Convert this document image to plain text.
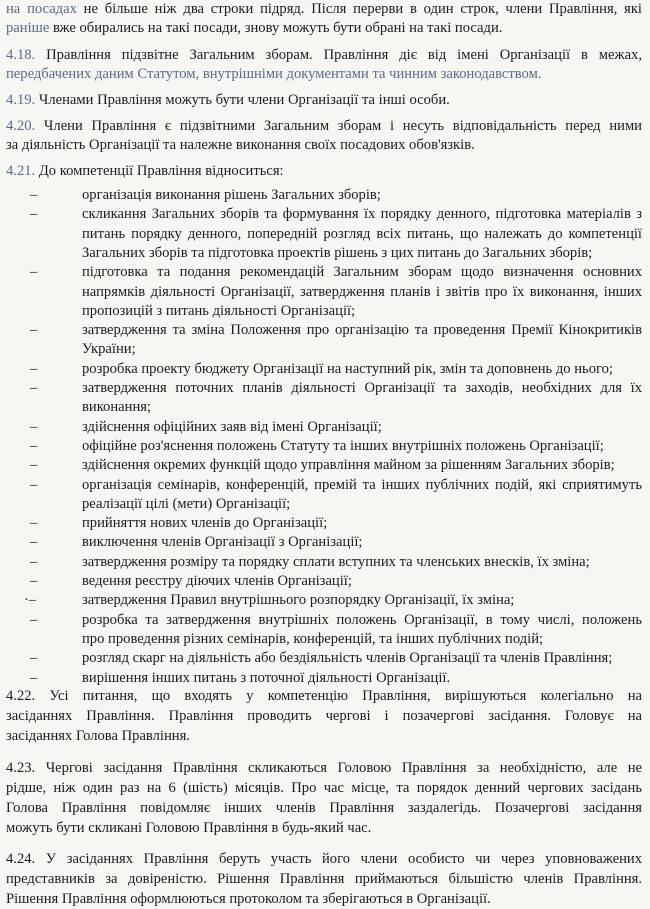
на посадах не більше ніж два строки підряд. Після перерви в один строк, члени Правління, які
раніше вже обирались на такі посади, знову можуть бути обрані на такі посади.
4.18. Правління підзвітне Загальним зборам. Правління діє від імені Організації в межах,
передбачених даним Статутом, внутрішніми документами та чинним законодавством.
4.19. Членами Правління можуть бути члени Організації та інші особи.
4.20. Члени Правління є підзвітними Загальним зборам і несуть відповідальність перед ними
за діяльність Організації та належне виконання своїх посадових обов'язків.
4.21. До компетенції Правління відноситься:
–	організація виконання рішень Загальних зборів;
–	скликання Загальних зборів та формування їх порядку денного, підготовка матеріалів з
питань порядку денного, попередній розгляд всіх питань, що належать до компетенції
Загальних зборів та підготовка проектів рішень з цих питань до Загальних зборів;
–	підготовка та подання рекомендацій Загальним зборам щодо визначення основних
напрямків діяльності Організації, затвердження планів і звітів про їх виконання, інших
пропозицій з питань діяльності Організації;
–	затвердження та зміна Положення про організацію та проведення Премії Кінокритиків
України;
–	розробка проекту бюджету Організації на наступний рік, змін та доповнень до нього;
–	затвердження поточних планів діяльності Організації та заходів, необхідних для їх
виконання;
–	здійснення офіційних заяв від імені Організації;
–	офіційне роз'яснення положень Статуту та інших внутрішніх положень Організації;
–	здійснення окремих функцій щодо управління майном за рішенням Загальних зборів;
–	організація семінарів, конференцій, премій та інших публічних подій, які сприятимуть
реалізації цілі (мети) Організації;
–	прийняття нових членів до Організації;
–	виключення членів Організації з Організації;
–	затвердження розміру та порядку сплати вступних та членських внесків, їх зміна;
–	ведення реєстру діючих членів Організації;
·–	затвердження Правил внутрішнього розпорядку Організації, їх зміна;
–	розробка та затвердження внутрішніх положень Організації, в тому числі, положень
про проведення різних семінарів, конференцій, та інших публічних подій;
–	розгляд скарг на діяльність або бездіяльність членів Організації та членів Правління;
–	вирішення інших питань з поточної діяльності Організації.
4.22. Усі питання, що входять у компетенцію Правління, вирішуються колегіально на
засіданнях Правління. Правління проводить чергові і позачергові засідання. Головує на
засіданнях Голова Правління.
4.23. Чергові засідання Правління скликаються Головою Правління за необхідністю, але не
рідше, ніж один раз на 6 (шість) місяців. Про час місце, та порядок денний чергових засідань
Голова Правління повідомляє інших членів Правління заздалегідь. Позачергові засідання
можуть бути скликані Головою Правління в будь-який час.
4.24. У засіданнях Правління беруть участь його члени особисто чи через уповноважених
представників за довіреністю. Рішення Правління приймаються більшістю членів Правління.
Рішення Правління оформлюються протоколом та зберігаються в Організації.
